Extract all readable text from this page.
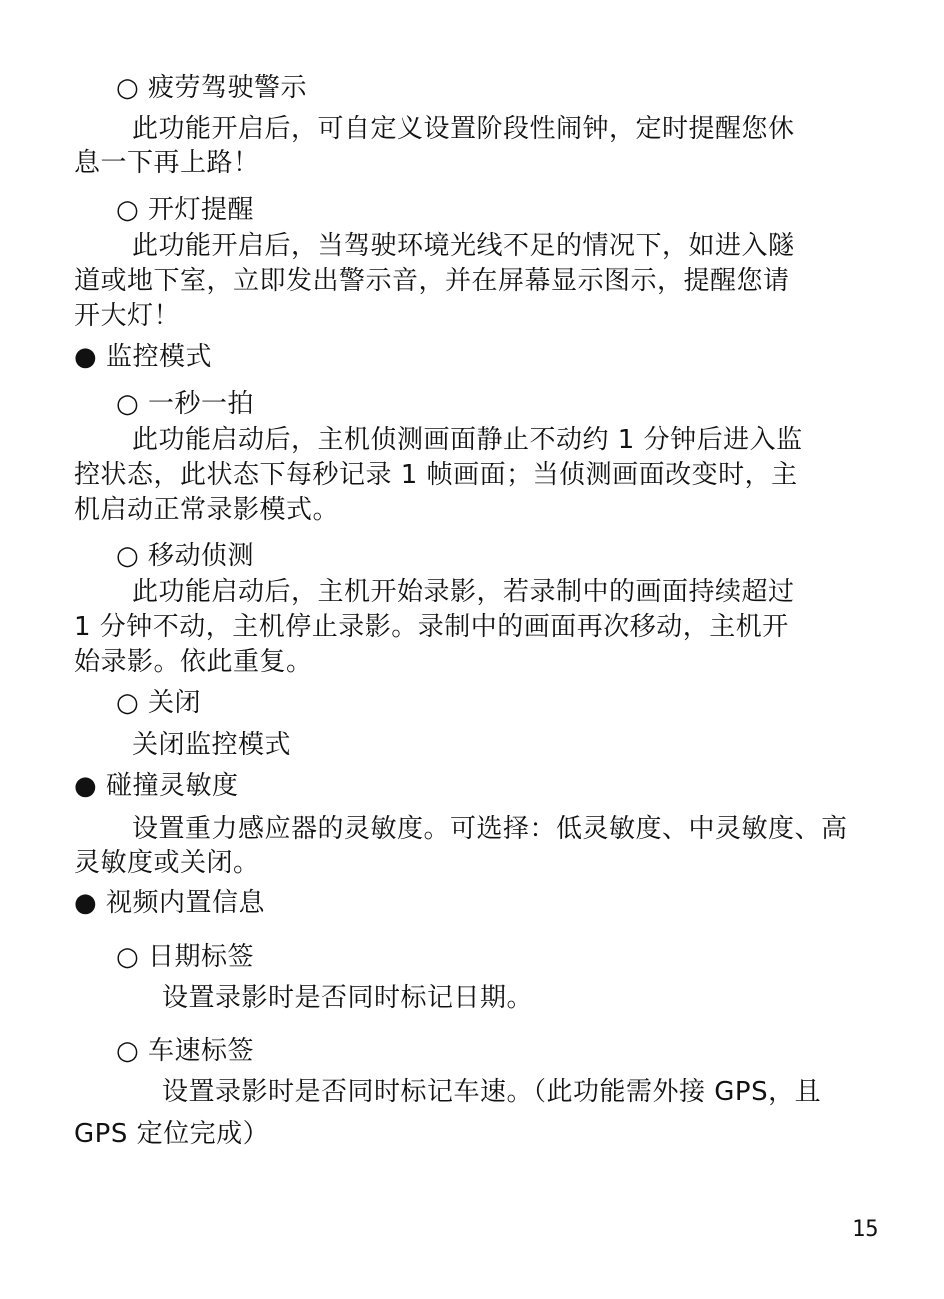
○ 疲劳驾驶警示

此功能开启后，可自定义设置阶段性闹钟，定时提醒您休

息一下再上路！

○ 开灯提醒

此功能开启后，当驾驶环境光线不足的情况下，如进入隧

道或地下室，立即发出警示音，并在屏幕显示图示，提醒您请

开大灯！

● 监控模式

○ 一秒一拍

此功能启动后，主机侦测画面静止不动约 1 分钟后进入监

控状态，此状态下每秒记录 1 帧画面；当侦测画面改变时，主

机启动正常录影模式。

○ 移动侦测

此功能启动后，主机开始录影，若录制中的画面持续超过

1 分钟不动，主机停止录影。录制中的画面再次移动，主机开

始录影。依此重复。

○ 关闭

关闭监控模式

● 碰撞灵敏度

设置重力感应器的灵敏度。可选择：低灵敏度、中灵敏度、高

灵敏度或关闭。

● 视频内置信息

○ 日期标签

设置录影时是否同时标记日期。

○ 车速标签

设置录影时是否同时标记车速。（此功能需外接 GPS，且

GPS 定位完成）

15
